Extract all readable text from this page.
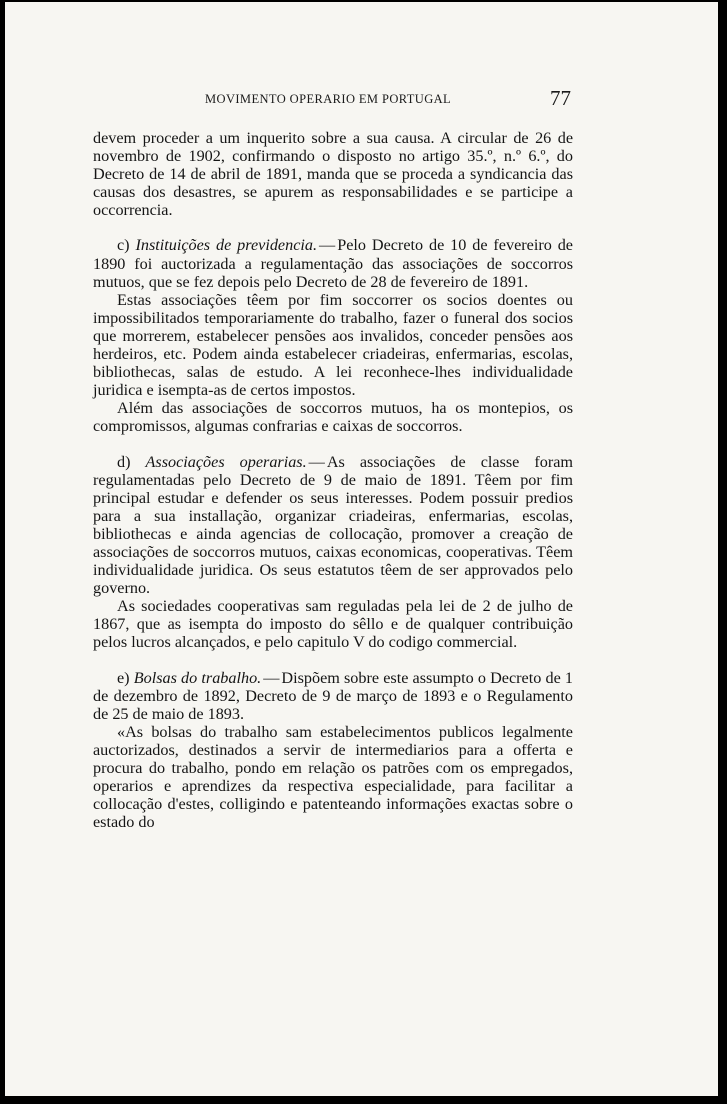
MOVIMENTO OPERARIO EM PORTUGAL	77

devem proceder a um inquerito sobre a sua causa. A circular de 26 de novembro de 1902, confirmando o disposto no artigo 35.º, n.º 6.º, do Decreto de 14 de abril de 1891, manda que se proceda a syndicancia das causas dos desastres, se apurem as responsabilidades e se participe a occorrencia.

c) Instituições de previdencia. — Pelo Decreto de 10 de fevereiro de 1890 foi auctorizada a regulamentação das associações de soccorros mutuos, que se fez depois pelo Decreto de 28 de fevereiro de 1891.

Estas associações têem por fim soccorrer os socios doentes ou impossibilitados temporariamente do trabalho, fazer o funeral dos socios que morrerem, estabelecer pensões aos invalidos, conceder pensões aos herdeiros, etc. Podem ainda estabelecer criadeiras, enfermarias, escolas, bibliothecas, salas de estudo. A lei reconhece-lhes individualidade juridica e isempta-as de certos impostos.

Além das associações de soccorros mutuos, ha os montepios, os compromissos, algumas confrarias e caixas de soccorros.

d) Associações operarias. — As associações de classe foram regulamentadas pelo Decreto de 9 de maio de 1891. Têem por fim principal estudar e defender os seus interesses. Podem possuir predios para a sua installação, organizar criadeiras, enfermarias, escolas, bibliothecas e ainda agencias de collocação, promover a creação de associações de soccorros mutuos, caixas economicas, cooperativas. Têem individualidade juridica. Os seus estatutos têem de ser approvados pelo governo.

As sociedades cooperativas sam reguladas pela lei de 2 de julho de 1867, que as isempta do imposto do sêllo e de qualquer contribuição pelos lucros alcançados, e pelo capitulo V do codigo commercial.

e) Bolsas do trabalho. — Dispõem sobre este assumpto o Decreto de 1 de dezembro de 1892, Decreto de 9 de março de 1893 e o Regulamento de 25 de maio de 1893.

«As bolsas do trabalho sam estabelecimentos publicos legalmente auctorizados, destinados a servir de intermediarios para a offerta e procura do trabalho, pondo em relação os patrões com os empregados, operarios e aprendizes da respectiva especialidade, para facilitar a collocação d'estes, colligindo e patenteando informações exactas sobre o estado do
